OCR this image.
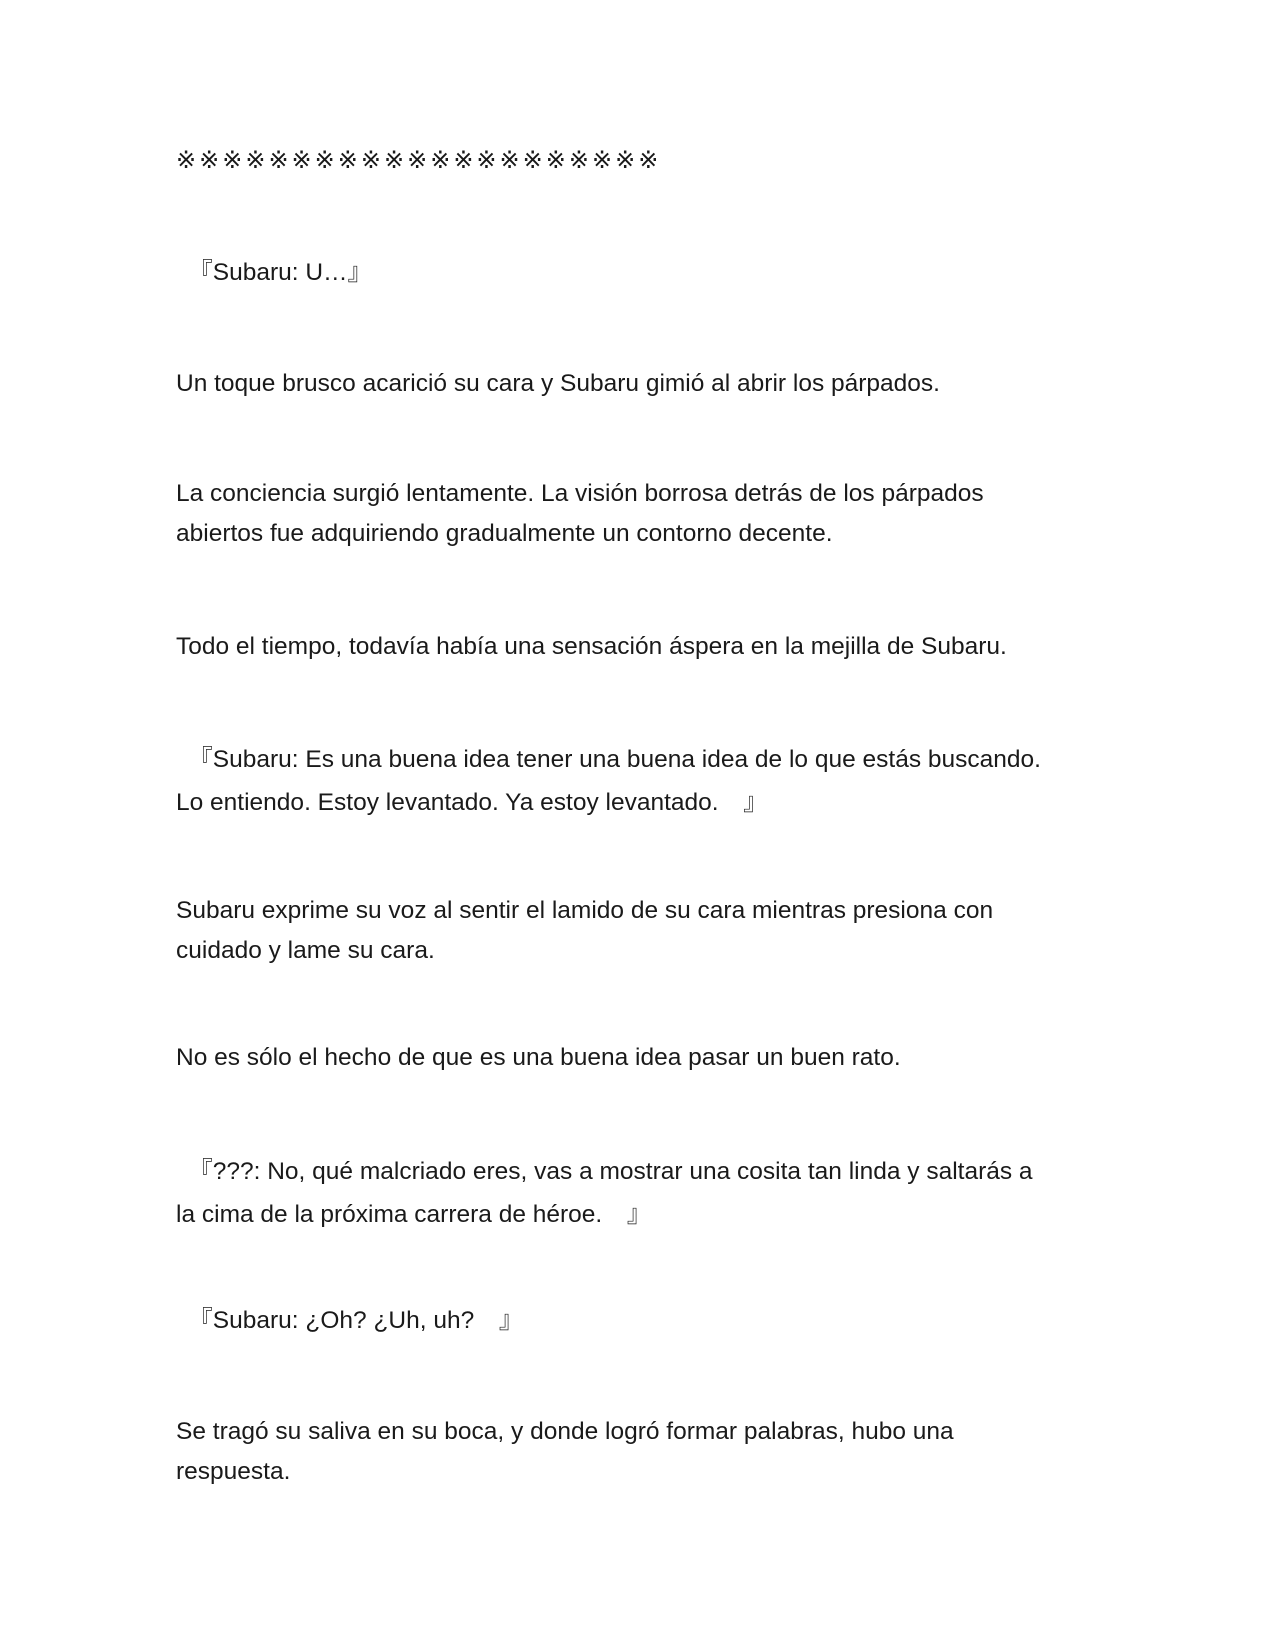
※※※※※※※※※※※※※※※※※※※※※

　『Subaru: U…』

Un toque brusco acarició su cara y Subaru gimió al abrir los párpados.

La conciencia surgió lentamente. La visión borrosa detrás de los párpados
abiertos fue adquiriendo gradualmente un contorno decente.

Todo el tiempo, todavía había una sensación áspera en la mejilla de Subaru.

　『Subaru: Es una buena idea tener una buena idea de lo que estás buscando.
Lo entiendo. Estoy levantado. Ya estoy levantado.　』

Subaru exprime su voz al sentir el lamido de su cara mientras presiona con
cuidado y lame su cara.

No es sólo el hecho de que es una buena idea pasar un buen rato.

　『???: No, qué malcriado eres, vas a mostrar una cosita tan linda y saltarás a
la cima de la próxima carrera de héroe.　』

　『Subaru: ¿Oh? ¿Uh, uh?　』

Se tragó su saliva en su boca, y donde logró formar palabras, hubo una
respuesta.
